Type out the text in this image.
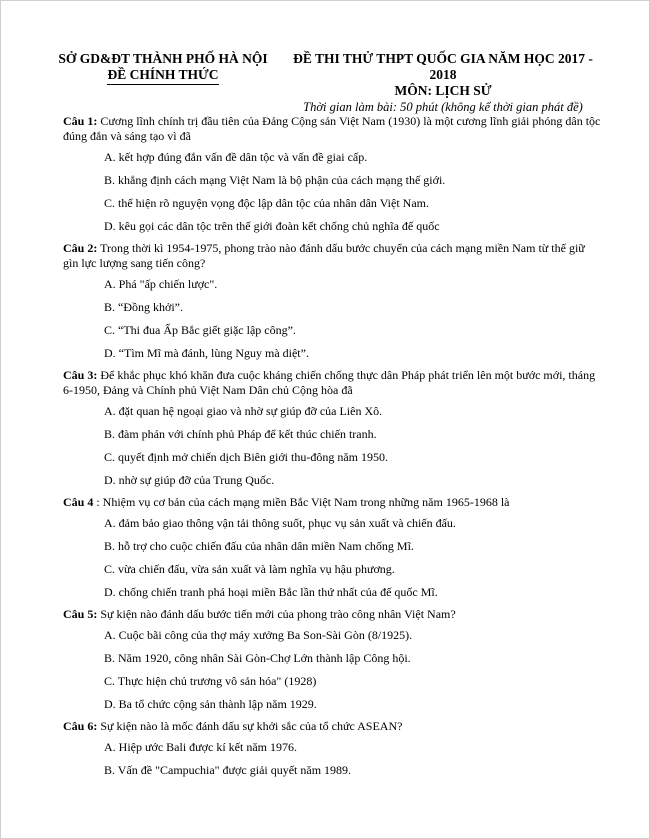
SỞ GD&ĐT THÀNH PHỐ HÀ NỘI
ĐỀ CHÍNH THỨC
ĐỀ THI THỬ THPT QUỐC GIA NĂM HỌC 2017 - 2018
MÔN: LỊCH SỬ
Thời gian làm bài: 50 phút (không kể thời gian phát đề)
Câu 1: Cương lĩnh chính trị đầu tiên của Đảng Cộng sản Việt Nam (1930) là một cương lĩnh giải phóng dân tộc đúng đắn và sáng tạo vì đã
A. kết hợp đúng đắn vấn đề dân tộc và vấn đề giai cấp.
B. khẳng định cách mạng Việt Nam là bộ phận của cách mạng thế giới.
C. thể hiện rõ nguyện vọng độc lập dân tộc của nhân dân Việt Nam.
D. kêu gọi các dân tộc trên thế giới đoàn kết chống chủ nghĩa đế quốc
Câu 2: Trong thời kì 1954-1975, phong trào nào đánh dấu bước chuyển của cách mạng miền Nam từ thế giữ gìn lực lượng sang tiến công?
A. Phá "ấp chiến lược".
B. “Đồng khởi”.
C. “Thi đua Ấp Bắc giết giặc lập công”.
D. “Tìm Mĩ mà đánh, lùng Nguy mà diệt”.
Câu 3: Để khắc phục khó khăn đưa cuộc kháng chiến chống thực dân Pháp phát triển lên một bước mới, tháng 6-1950, Đảng và Chính phủ Việt Nam Dân chủ Cộng hòa đã
A. đặt quan hệ ngoại giao và nhờ sự giúp đỡ của Liên Xô.
B. đàm phán với chính phủ Pháp để kết thúc chiến tranh.
C. quyết định mở chiến dịch Biên giới thu-đông năm 1950.
D. nhờ sự giúp đỡ của Trung Quốc.
Câu 4 : Nhiệm vụ cơ bản của cách mạng miền Bắc Việt Nam trong những năm 1965-1968 là
A. đảm bảo giao thông vận tải thông suốt, phục vụ sản xuất và chiến đấu.
B. hỗ trợ cho cuộc chiến đấu của nhân dân miền Nam chống Mĩ.
C. vừa chiến đấu, vừa sản xuất và làm nghĩa vụ hậu phương.
D. chống chiến tranh phá hoại miền Bắc lần thứ nhất của đế quốc Mĩ.
Câu 5: Sự kiện nào đánh dấu bước tiến mới của phong trào công nhân Việt Nam?
A. Cuộc bãi công của thợ máy xưởng Ba Son-Sài Gòn (8/1925).
B. Năm 1920, công nhân Sài Gòn-Chợ Lớn thành lập Công hội.
C. Thực hiện chủ trương vô sản hóa" (1928)
D. Ba tổ chức cộng sản thành lập năm 1929.
Câu 6: Sự kiện nào là mốc đánh dấu sự khởi sắc của tổ chức ASEAN?
A. Hiệp ước Bali được kí kết năm 1976.
B. Vấn đề "Campuchia" được giải quyết năm 1989.
